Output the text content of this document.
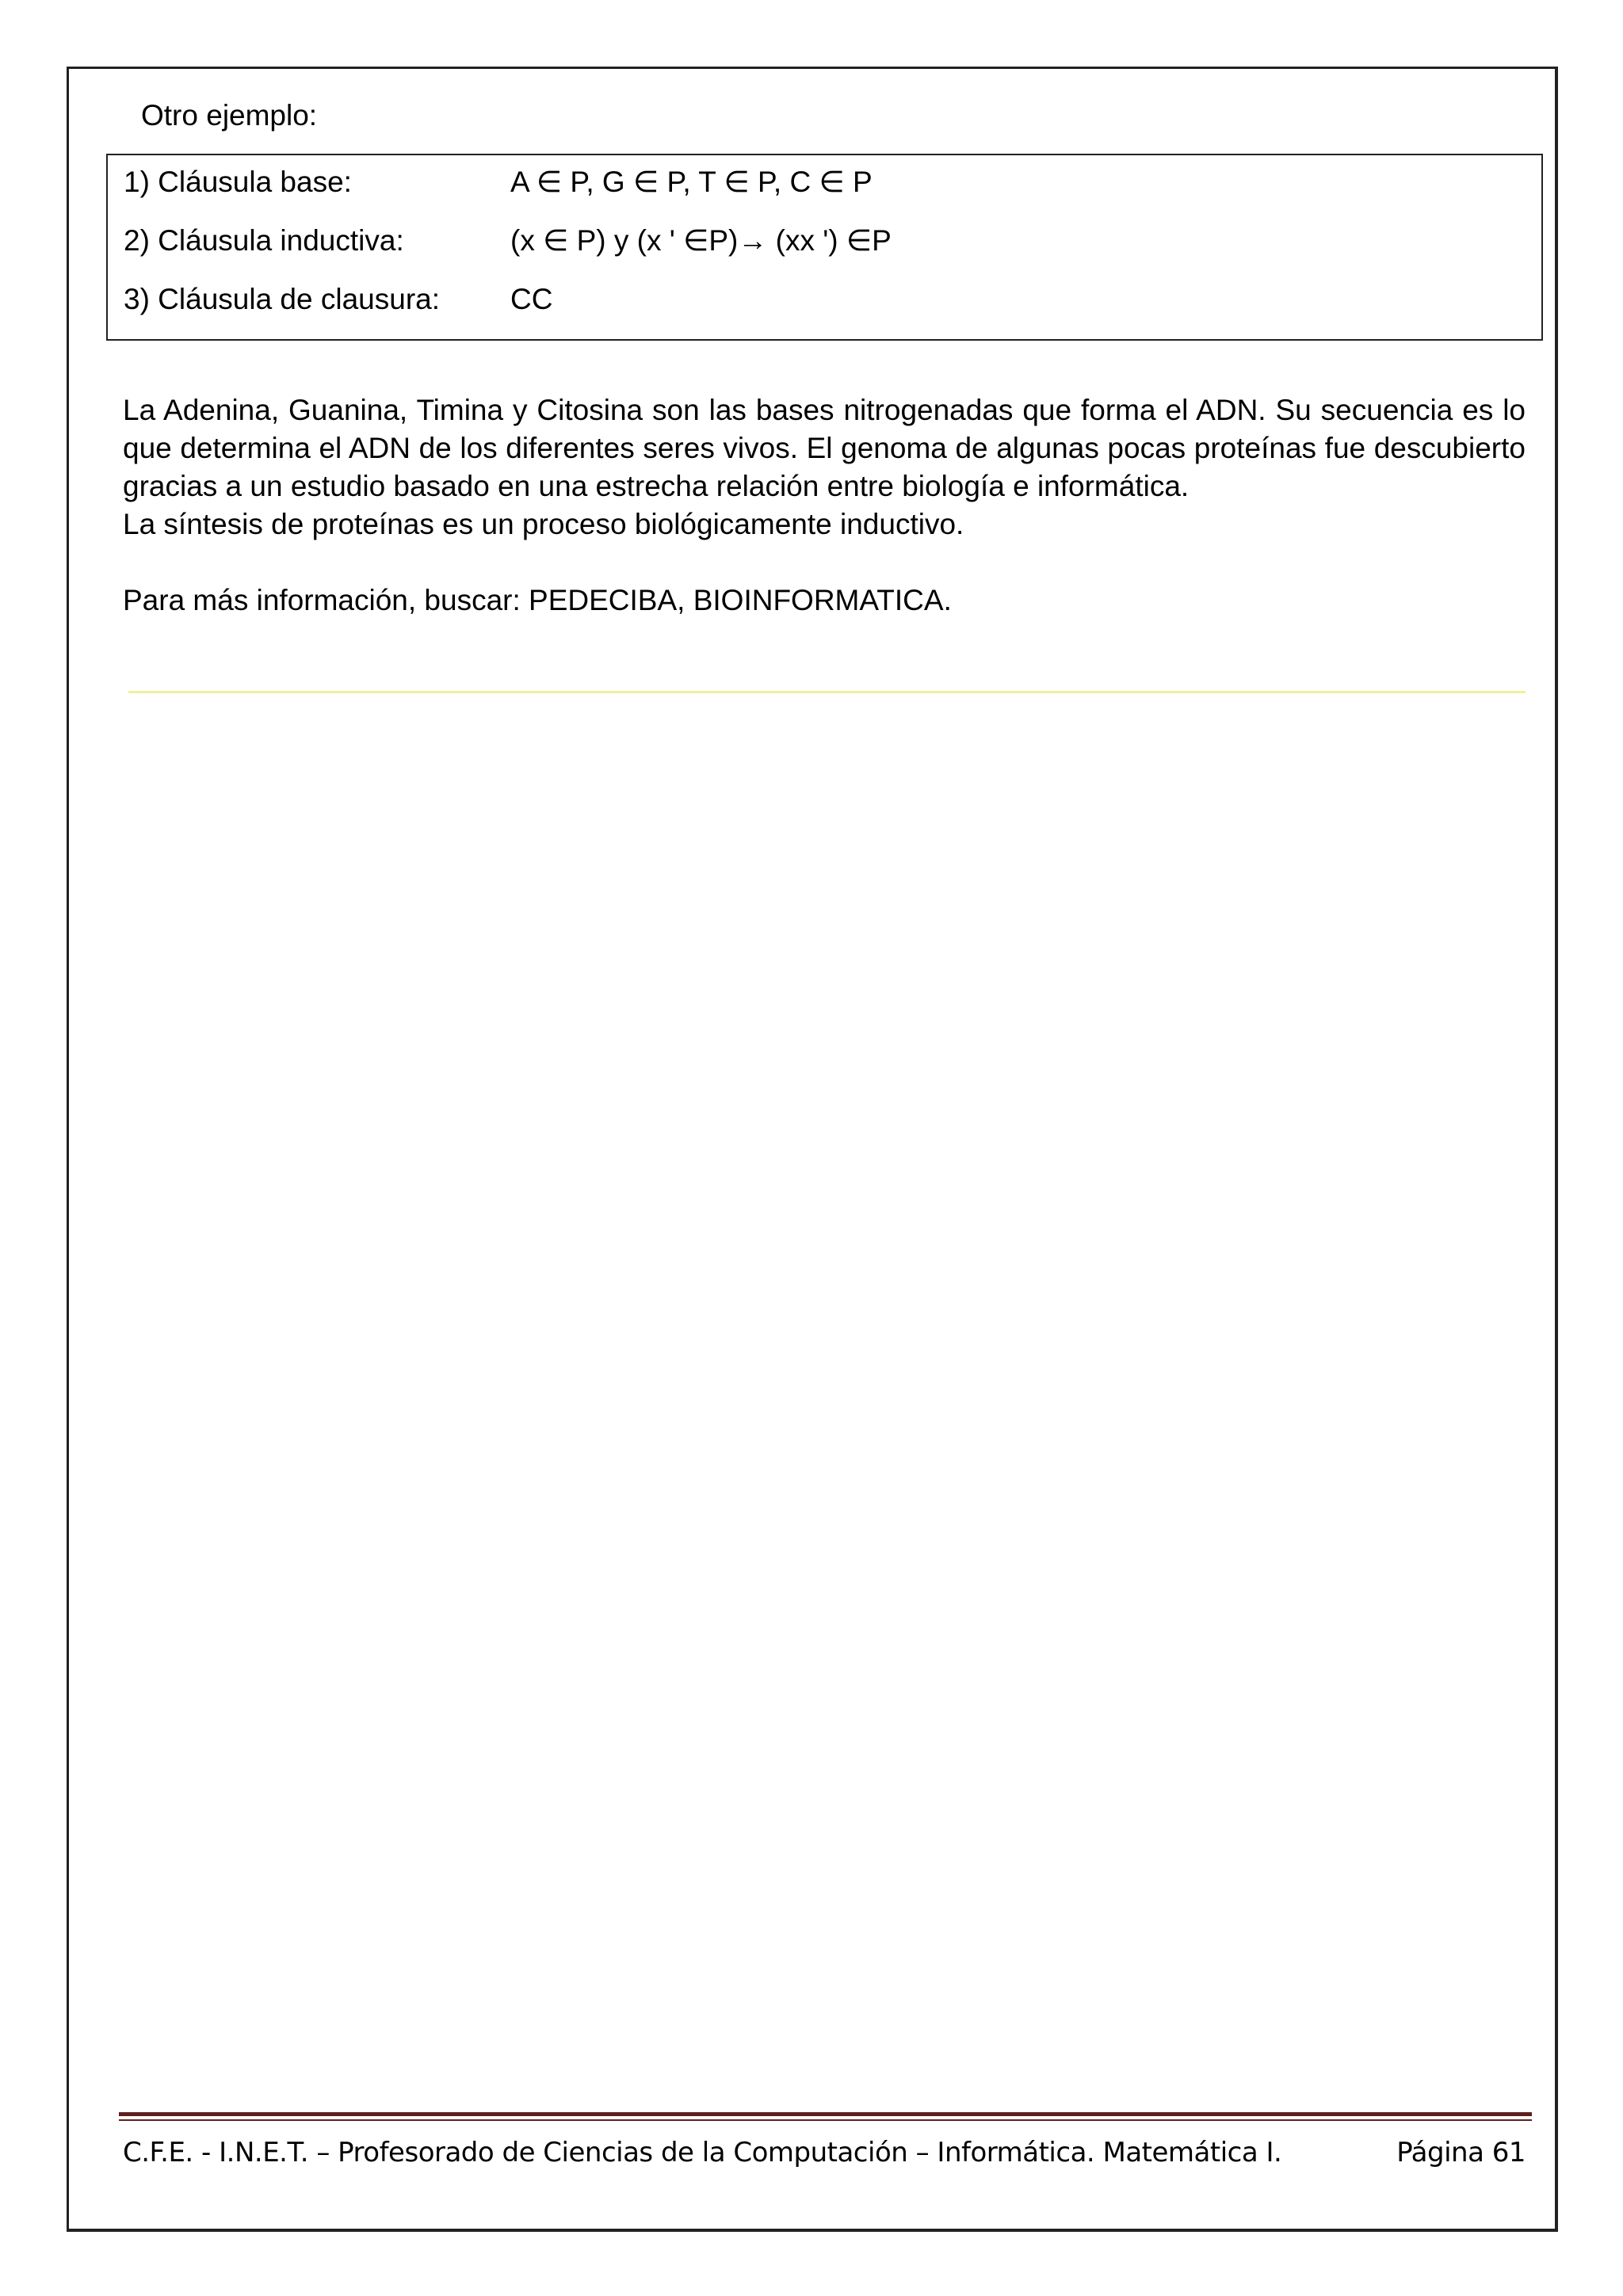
Otro ejemplo:
1) Cláusula base:	A ∈ P, G ∈ P, T ∈ P, C ∈ P
2) Cláusula inductiva:	(x ∈ P) y (x ' ∈P)→ (xx ') ∈P
3) Cláusula de clausura: CC

La Adenina, Guanina, Timina y Citosina son las bases nitrogenadas que forma el ADN. Su secuencia es lo que determina el ADN de los diferentes seres vivos. El genoma de algunas pocas proteínas fue descubierto gracias a un estudio basado en una estrecha relación entre biología e informática.

La síntesis de proteínas es un proceso biológicamente inductivo.

Para más información, buscar: PEDECIBA, BIOINFORMATICA.

C.F.E. - I.N.E.T. – Profesorado de Ciencias de la Computación – Informática. Matemática I.	Página 61
